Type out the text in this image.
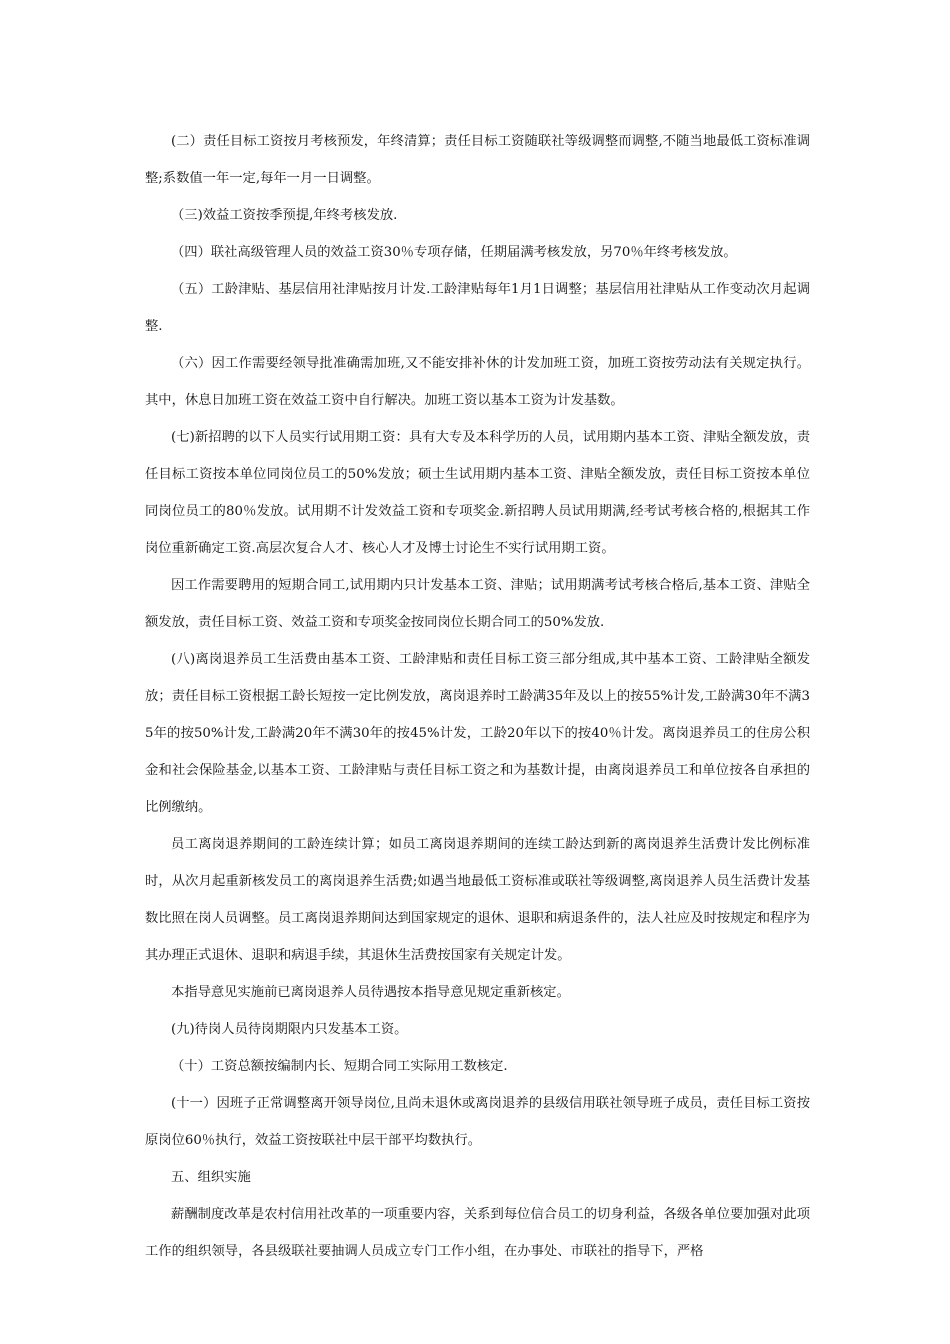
(二）责任目标工资按月考核预发，年终清算；责任目标工资随联社等级调整而调整,不随当地最低工资标准调整;系数值一年一定,每年一月一日调整。

（三)效益工资按季预提,年终考核发放.

（四）联社高级管理人员的效益工资30％专项存储，任期届满考核发放，另70％年终考核发放。

（五）工龄津贴、基层信用社津贴按月计发.工龄津贴每年1月1日调整；基层信用社津贴从工作变动次月起调整.

（六）因工作需要经领导批准确需加班,又不能安排补休的计发加班工资，加班工资按劳动法有关规定执行。其中，休息日加班工资在效益工资中自行解决。加班工资以基本工资为计发基数。

(七)新招聘的以下人员实行试用期工资：具有大专及本科学历的人员，试用期内基本工资、津贴全额发放，责任目标工资按本单位同岗位员工的50%发放；硕士生试用期内基本工资、津贴全额发放，责任目标工资按本单位同岗位员工的80％发放。试用期不计发效益工资和专项奖金.新招聘人员试用期满,经考试考核合格的,根据其工作岗位重新确定工资.高层次复合人才、核心人才及博士讨论生不实行试用期工资。

因工作需要聘用的短期合同工,试用期内只计发基本工资、津贴；试用期满考试考核合格后,基本工资、津贴全额发放，责任目标工资、效益工资和专项奖金按同岗位长期合同工的50%发放.

(八)离岗退养员工生活费由基本工资、工龄津贴和责任目标工资三部分组成,其中基本工资、工龄津贴全额发放；责任目标工资根据工龄长短按一定比例发放，离岗退养时工龄满35年及以上的按55%计发,工龄满30年不满35年的按50%计发,工龄满20年不满30年的按45%计发，工龄20年以下的按40％计发。离岗退养员工的住房公积金和社会保险基金,以基本工资、工龄津贴与责任目标工资之和为基数计提，由离岗退养员工和单位按各自承担的比例缴纳。

员工离岗退养期间的工龄连续计算；如员工离岗退养期间的连续工龄达到新的离岗退养生活费计发比例标准时，从次月起重新核发员工的离岗退养生活费;如遇当地最低工资标准或联社等级调整,离岗退养人员生活费计发基数比照在岗人员调整。员工离岗退养期间达到国家规定的退休、退职和病退条件的，法人社应及时按规定和程序为其办理正式退休、退职和病退手续，其退休生活费按国家有关规定计发。

本指导意见实施前已离岗退养人员待遇按本指导意见规定重新核定。

(九)待岗人员待岗期限内只发基本工资。

（十）工资总额按编制内长、短期合同工实际用工数核定.

(十一）因班子正常调整离开领导岗位,且尚未退休或离岗退养的县级信用联社领导班子成员，责任目标工资按原岗位60％执行，效益工资按联社中层干部平均数执行。

五、组织实施

薪酬制度改革是农村信用社改革的一项重要内容，关系到每位信合员工的切身利益，各级各单位要加强对此项工作的组织领导，各县级联社要抽调人员成立专门工作小组，在办事处、市联社的指导下，严格
